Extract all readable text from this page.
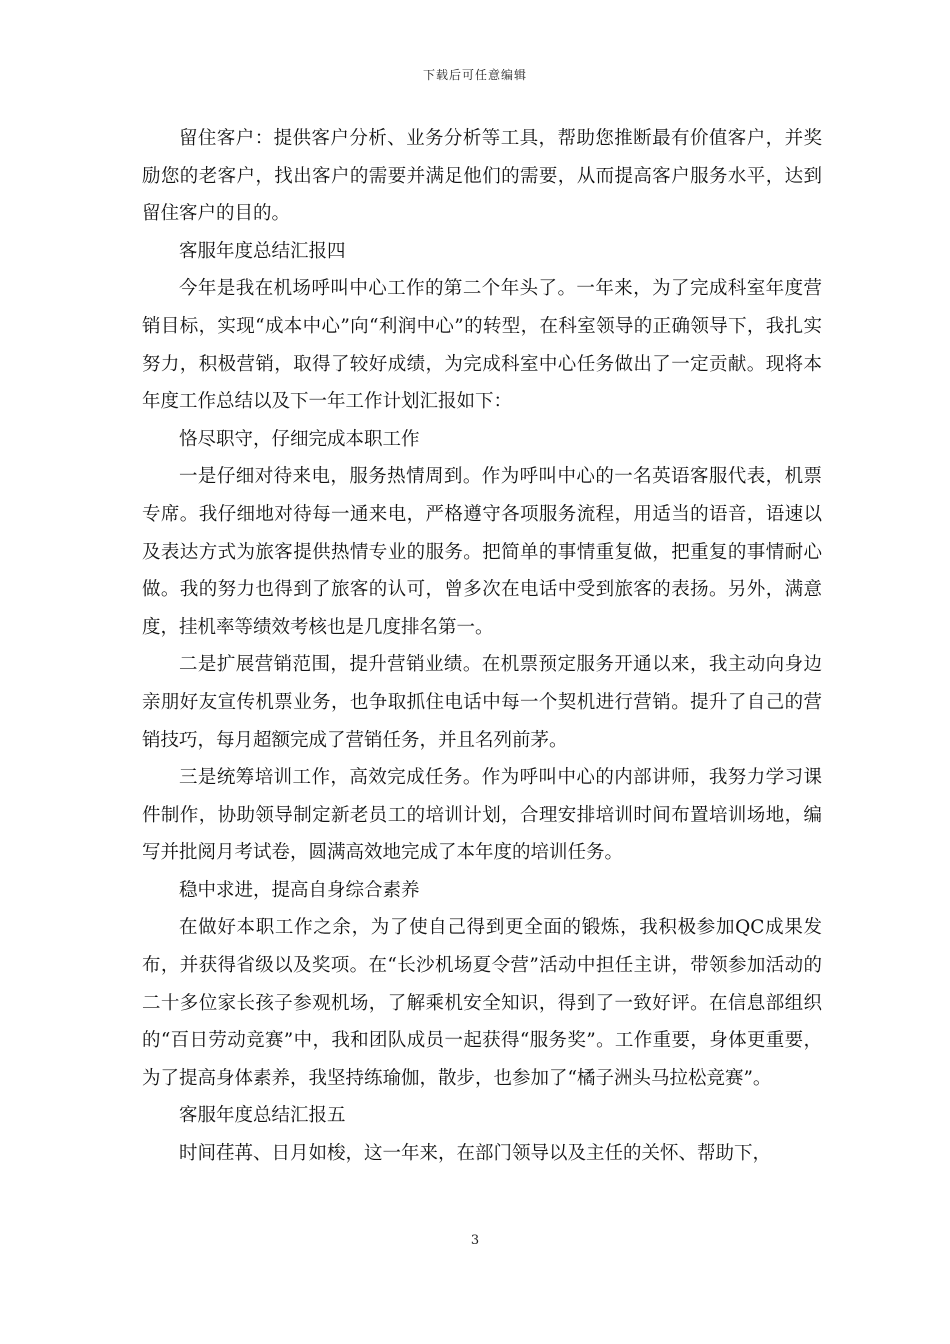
下载后可任意编辑

留住客户：提供客户分析、业务分析等工具，帮助您推断最有价值客户，并奖励您的老客户，找出客户的需要并满足他们的需要，从而提高客户服务水平，达到留住客户的目的。

客服年度总结汇报四

今年是我在机场呼叫中心工作的第二个年头了。一年来，为了完成科室年度营销目标，实现“成本中心”向“利润中心”的转型，在科室领导的正确领导下，我扎实努力，积极营销，取得了较好成绩，为完成科室中心任务做出了一定贡献。现将本年度工作总结以及下一年工作计划汇报如下：

恪尽职守，仔细完成本职工作

一是仔细对待来电，服务热情周到。作为呼叫中心的一名英语客服代表，机票专席。我仔细地对待每一通来电，严格遵守各项服务流程，用适当的语音，语速以及表达方式为旅客提供热情专业的服务。把简单的事情重复做，把重复的事情耐心做。我的努力也得到了旅客的认可，曾多次在电话中受到旅客的表扬。另外，满意度，挂机率等绩效考核也是几度排名第一。

二是扩展营销范围，提升营销业绩。在机票预定服务开通以来，我主动向身边亲朋好友宣传机票业务，也争取抓住电话中每一个契机进行营销。提升了自己的营销技巧，每月超额完成了营销任务，并且名列前茅。

三是统筹培训工作，高效完成任务。作为呼叫中心的内部讲师，我努力学习课件制作，协助领导制定新老员工的培训计划，合理安排培训时间布置培训场地，编写并批阅月考试卷，圆满高效地完成了本年度的培训任务。

稳中求进，提高自身综合素养

在做好本职工作之余，为了使自己得到更全面的锻炼，我积极参加QC成果发布，并获得省级以及奖项。在“长沙机场夏令营”活动中担任主讲，带领参加活动的二十多位家长孩子参观机场，了解乘机安全知识，得到了一致好评。在信息部组织的“百日劳动竞赛”中，我和团队成员一起获得“服务奖”。工作重要，身体更重要，为了提高身体素养，我坚持练瑜伽，散步，也参加了“橘子洲头马拉松竞赛”。

客服年度总结汇报五

时间荏苒、日月如梭，这一年来，在部门领导以及主任的关怀、帮助下，

3
